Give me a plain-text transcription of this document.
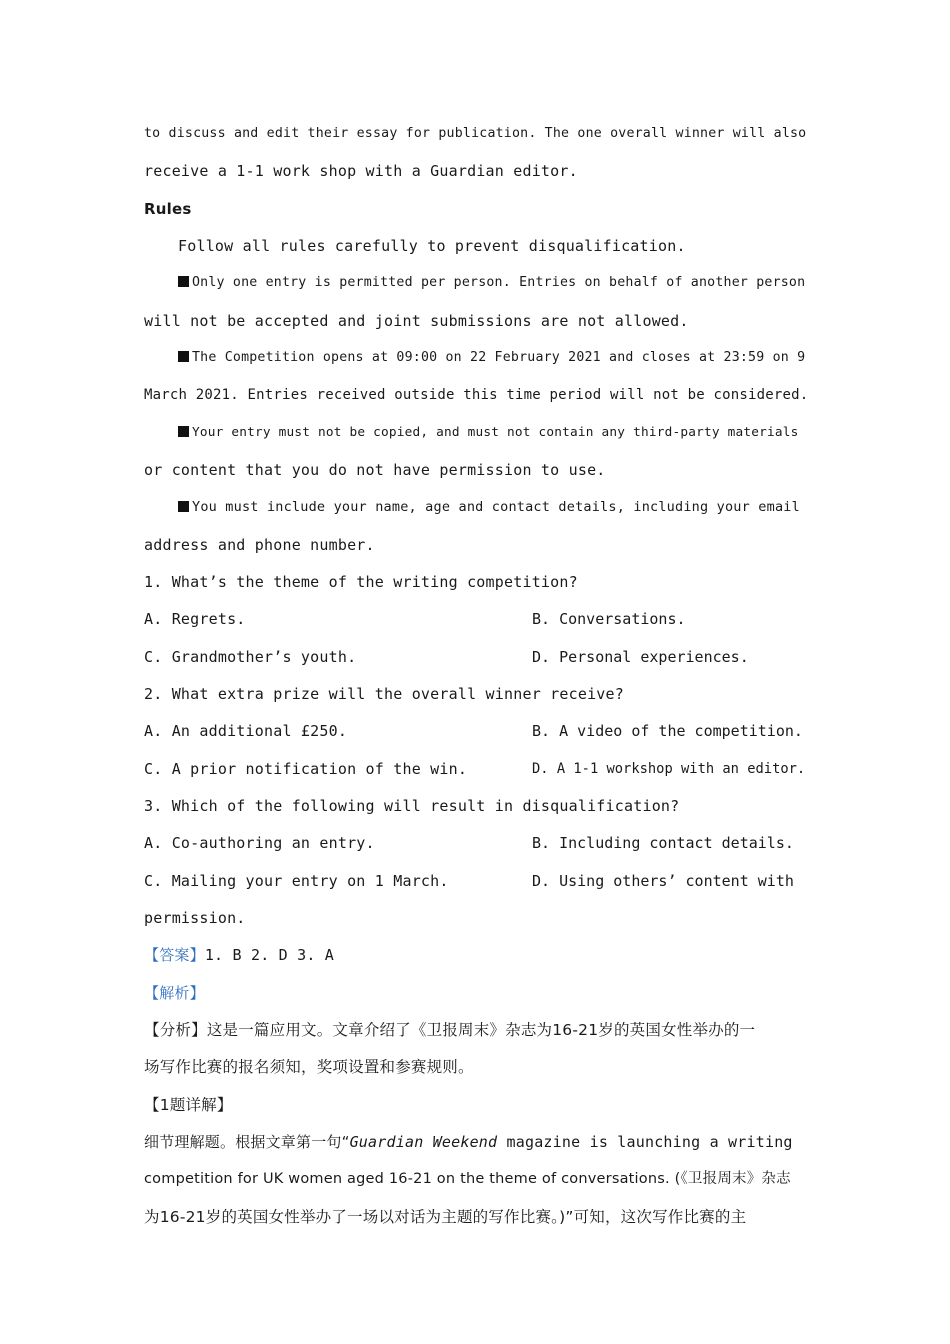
to discuss and edit their essay for publication. The one overall winner will also
receive a 1-1 work shop with a Guardian editor.
Rules
Follow all rules carefully to prevent disqualification.
Only one entry is permitted per person. Entries on behalf of another person
will not be accepted and joint submissions are not allowed.
The Competition opens at 09:00 on 22 February 2021 and closes at 23:59 on 9
March 2021. Entries received outside this time period will not be considered.
Your entry must not be copied, and must not contain any third-party materials
or content that you do not have permission to use.
You must include your name, age and contact details, including your email
address and phone number.
1. What’s the theme of the writing competition?
A. Regrets.	B. Conversations.
C. Grandmother’s youth.	D. Personal experiences.
2. What extra prize will the overall winner receive?
A. An additional £250.	B. A video of the competition.
C. A prior notification of the win.	D. A 1-1 workshop with an editor.
3. Which of the following will result in disqualification?
A. Co-authoring an entry.	B. Including contact details.
C. Mailing your entry on 1 March.	D. Using others’ content with
permission.
【答案】1. B 2. D 3. A
【解析】
【分析】这是一篇应用文。文章介绍了《卫报周末》杂志为16-21岁的英国女性举办的一
场写作比赛的报名须知，奖项设置和参赛规则。
【1题详解】
细节理解题。根据文章第一句“Guardian Weekend magazine is launching a writing
competition for UK women aged 16-21 on the theme of conversations. (《卫报周末》杂志
为16-21岁的英国女性举办了一场以对话为主题的写作比赛。)”可知，这次写作比赛的主
